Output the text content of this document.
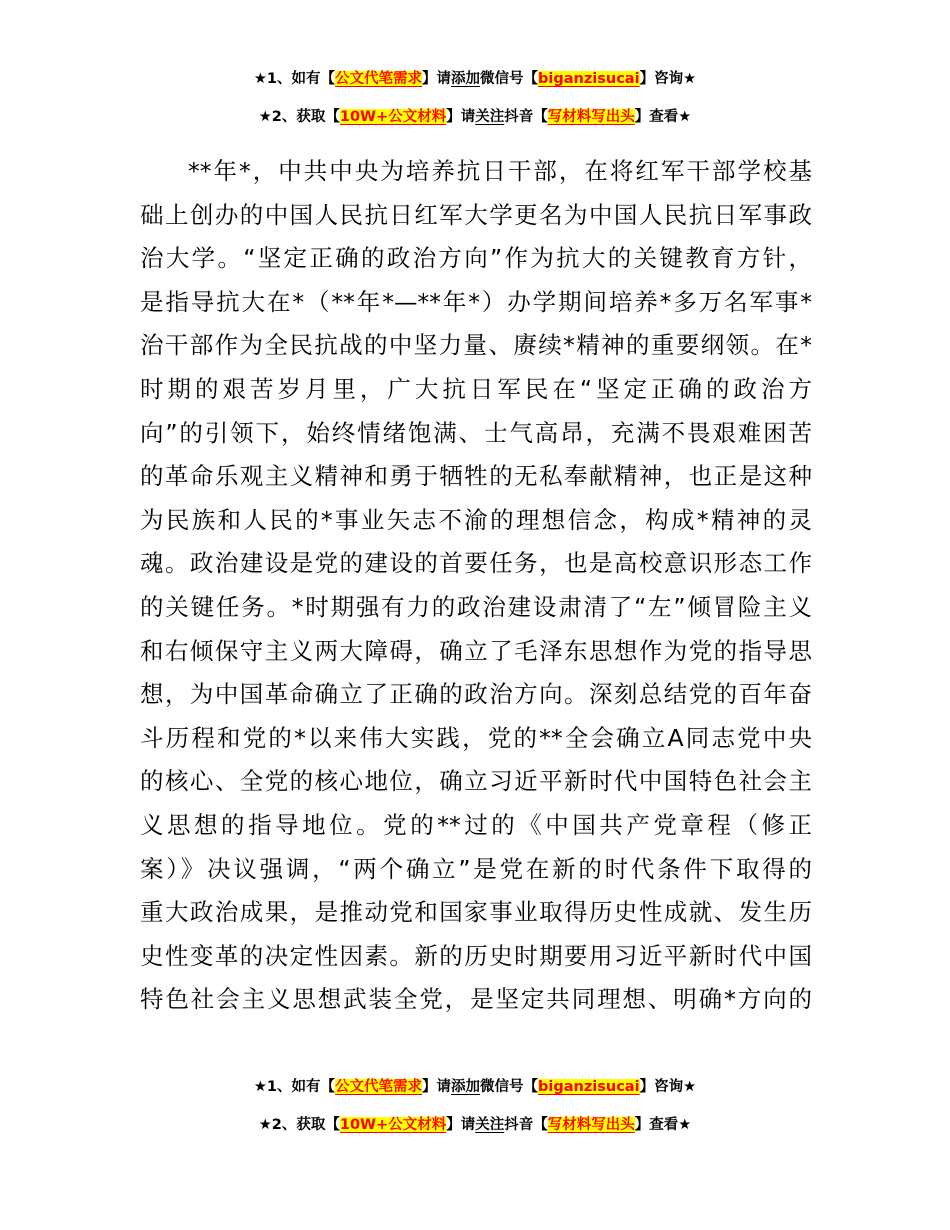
★1、如有【公文代笔需求】请添加微信号【biganzisucai】咨询★
★2、获取【10W+公文材料】请关注抖音【写材料写出头】查看★

**年*，中共中央为培养抗日干部，在将红军干部学校基
础上创办的中国人民抗日红军大学更名为中国人民抗日军事政
治大学。“坚定正确的政治方向”作为抗大的关键教育方针，
是指导抗大在*（**年*—**年*）办学期间培养*多万名军事*
治干部作为全民抗战的中坚力量、赓续*精神的重要纲领。在*
时期的艰苦岁月里，广大抗日军民在“坚定正确的政治方
向”的引领下，始终情绪饱满、士气高昂，充满不畏艰难困苦
的革命乐观主义精神和勇于牺牲的无私奉献精神，也正是这种
为民族和人民的*事业矢志不渝的理想信念，构成*精神的灵
魂。政治建设是党的建设的首要任务，也是高校意识形态工作
的关键任务。*时期强有力的政治建设肃清了“左”倾冒险主义
和右倾保守主义两大障碍，确立了毛泽东思想作为党的指导思
想，为中国革命确立了正确的政治方向。深刻总结党的百年奋
斗历程和党的*以来伟大实践，党的**全会确立A同志党中央
的核心、全党的核心地位，确立习近平新时代中国特色社会主
义思想的指导地位。党的**过的《中国共产党章程（修正
案）》决议强调，“两个确立”是党在新的时代条件下取得的
重大政治成果，是推动党和国家事业取得历史性成就、发生历
史性变革的决定性因素。新的历史时期要用习近平新时代中国
特色社会主义思想武装全党，是坚定共同理想、明确*方向的

★1、如有【公文代笔需求】请添加微信号【biganzisucai】咨询★
★2、获取【10W+公文材料】请关注抖音【写材料写出头】查看★
